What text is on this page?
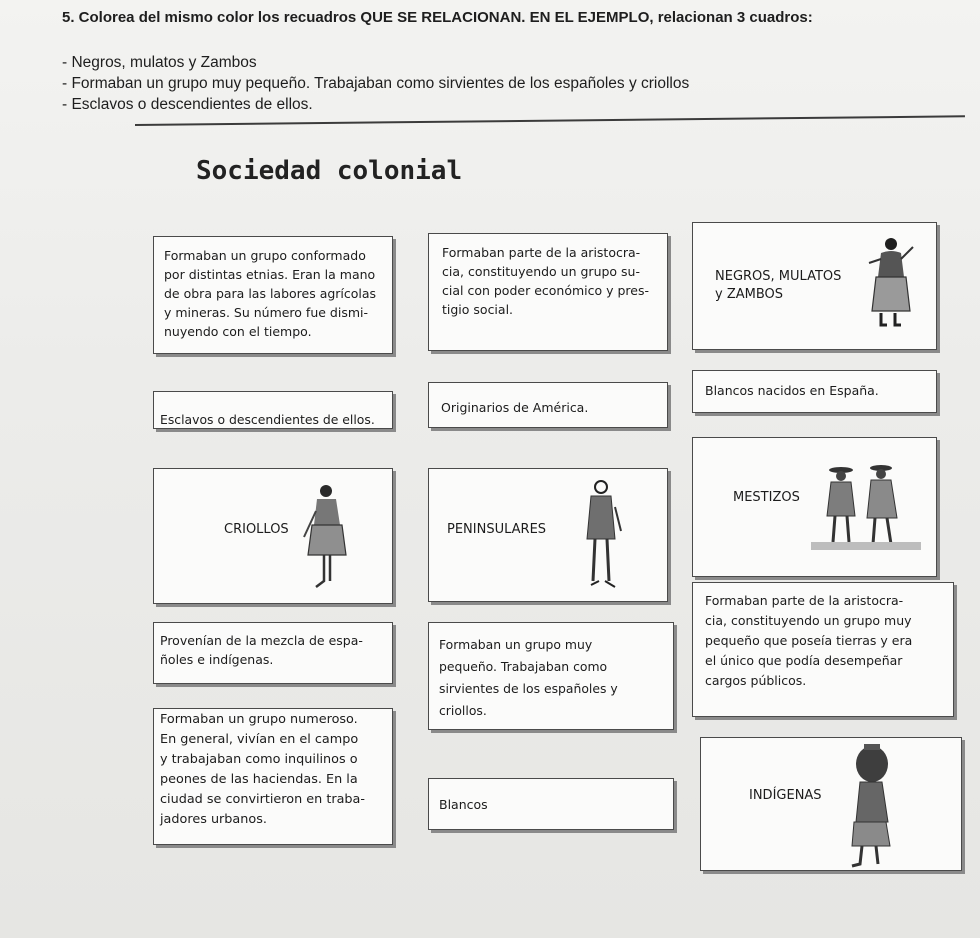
5. Colorea del mismo color los recuadros QUE SE RELACIONAN. EN EL EJEMPLO, relacionan 3 cuadros:
- Negros, mulatos y Zambos
- Formaban un grupo muy pequeño. Trabajaban como sirvientes de los españoles y criollos
- Esclavos o descendientes de ellos.
Sociedad colonial
Formaban un grupo conformado
por distintas etnias. Eran la mano
de obra para las labores agrícolas
y mineras. Su número fue dismi-
nuyendo con el tiempo.
Formaban parte de la aristocra-
cia, constituyendo un grupo su-
cial con poder económico y pres-
tigio social.
NEGROS, MULATOS
y ZAMBOS
Esclavos o descendientes de ellos.
Originarios de América.
Blancos nacidos en España.
CRIOLLOS	PENINSULARES
MESTIZOS
Formaban parte de la aristocra-
cia, constituyendo un grupo muy
pequeño que poseía tierras y era
el único que podía desempeñar
cargos públicos.
Provenían de la mezcla de espa-
ñoles e indígenas.
Formaban un grupo muy
pequeño. Trabajaban como
sirvientes de los españoles y
criollos.
Formaban un grupo numeroso.
En general, vivían en el campo
y trabajaban como inquilinos o
peones de las haciendas. En la
ciudad se convirtieron en traba-
jadores urbanos.
Blancos
INDÍGENAS
